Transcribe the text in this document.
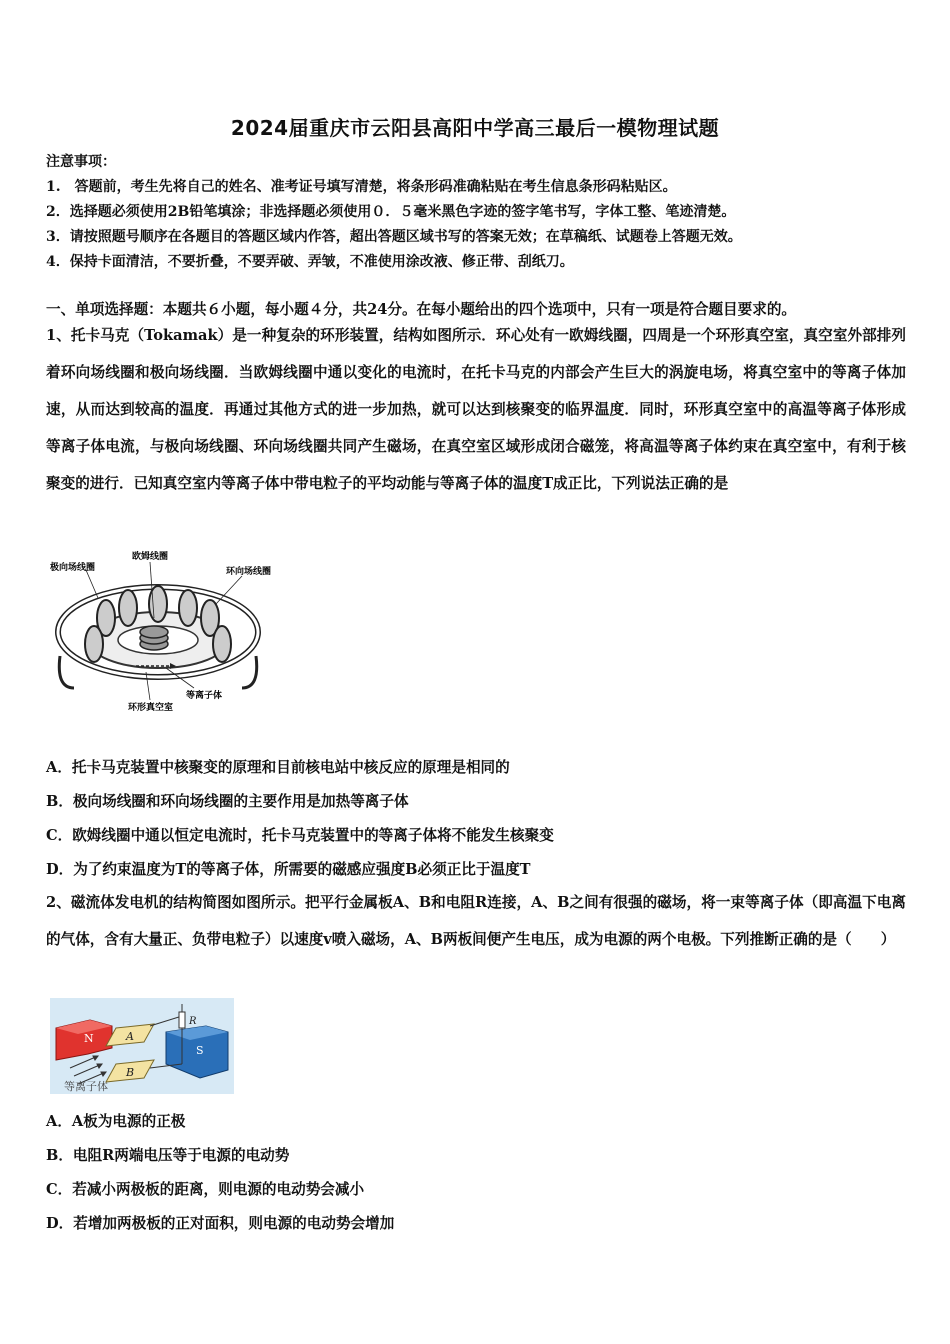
2024届重庆市云阳县高阳中学高三最后一模物理试题
注意事项：
1.　答题前，考生先将自己的姓名、准考证号填写清楚，将条形码准确粘贴在考生信息条形码粘贴区。
2．选择题必须使用2B铅笔填涂；非选择题必须使用０．５毫米黑色字迹的签字笔书写，字体工整、笔迹清楚。
3．请按照题号顺序在各题目的答题区域内作答，超出答题区域书写的答案无效；在草稿纸、试题卷上答题无效。
4．保持卡面清洁，不要折叠，不要弄破、弄皱，不准使用涂改液、修正带、刮纸刀。
一、单项选择题：本题共６小题，每小题４分，共24分。在每小题给出的四个选项中，只有一项是符合题目要求的。
1、托卡马克（Tokamak）是一种复杂的环形装置，结构如图所示．环心处有一欧姆线圈，四周是一个环形真空室，真空室外部排列着环向场线圈和极向场线圈．当欧姆线圈中通以变化的电流时，在托卡马克的内部会产生巨大的涡旋电场，将真空室中的等离子体加速，从而达到较高的温度．再通过其他方式的进一步加热，就可以达到核聚变的临界温度．同时，环形真空室中的高温等离子体形成等离子体电流，与极向场线圈、环向场线圈共同产生磁场，在真空室区域形成闭合磁笼，将高温等离子体约束在真空室中，有利于核聚变的进行．已知真空室内等离子体中带电粒子的平均动能与等离子体的温度T成正比，下列说法正确的是
极向场线圈
欧姆线圈
环向场线圈
等离子体
环形真空室
A．托卡马克装置中核聚变的原理和目前核电站中核反应的原理是相同的
B．极向场线圈和环向场线圈的主要作用是加热等离子体
C．欧姆线圈中通以恒定电流时，托卡马克装置中的等离子体将不能发生核聚变
D．为了约束温度为T的等离子体，所需要的磁感应强度B必须正比于温度T
2、磁流体发电机的结构简图如图所示。把平行金属板A、B和电阻R连接，A、B之间有很强的磁场，将一束等离子体（即高温下电离的气体，含有大量正、负带电粒子）以速度v喷入磁场，A、B两板间便产生电压，成为电源的两个电极。下列推断正确的是（　　）
N
S
A
B
R
等离子体
A．A板为电源的正极
B．电阻R两端电压等于电源的电动势
C．若减小两极板的距离，则电源的电动势会减小
D．若增加两极板的正对面积，则电源的电动势会增加
